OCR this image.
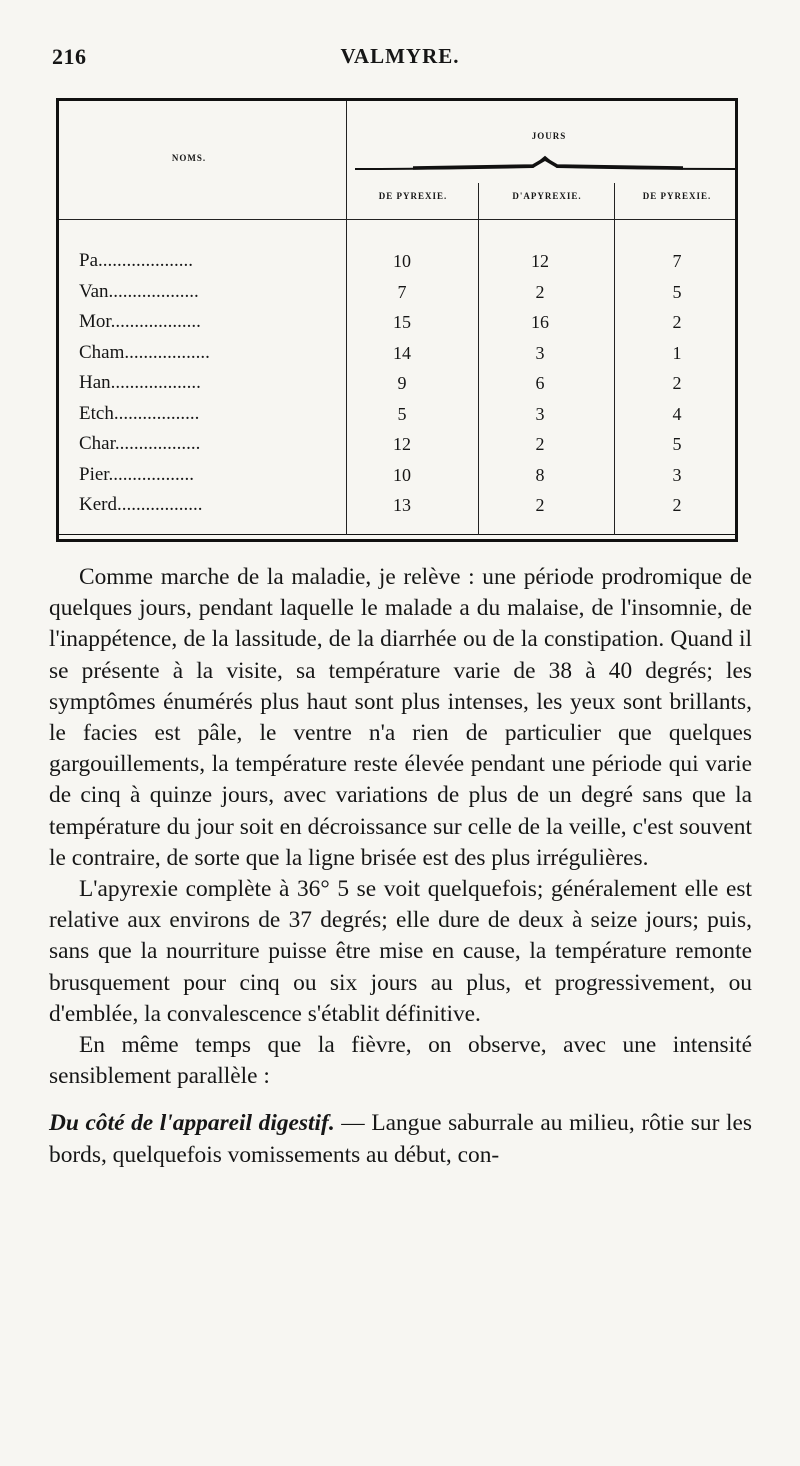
216	VALMYRE.
NOMS.
JOURS
DE PYREXIE.	D'APYREXIE.	DE PYREXIE.
Pa....................	10	12	7
Van...................	7	2	5
Mor...................	15	16	2
Cham..................	14	3	1
Han...................	9	6	2
Etch..................	5	3	4
Char..................	12	2	5
Pier..................	10	8	3
Kerd..................	13	2	2

Comme marche de la maladie, je relève : une période prodromique de quelques jours, pendant laquelle le malade a du malaise, de l'insomnie, de l'inappétence, de la lassitude, de la diarrhée ou de la constipation. Quand il se présente à la visite, sa température varie de 38 à 40 degrés; les symptômes énumérés plus haut sont plus intenses, les yeux sont brillants, le facies est pâle, le ventre n'a rien de particulier que quelques gargouillements, la température reste élevée pendant une période qui varie de cinq à quinze jours, avec variations de plus de un degré sans que la température du jour soit en décroissance sur celle de la veille, c'est souvent le contraire, de sorte que la ligne brisée est des plus irrégulières.

L'apyrexie complète à 36° 5 se voit quelquefois; généralement elle est relative aux environs de 37 degrés; elle dure de deux à seize jours; puis, sans que la nourriture puisse être mise en cause, la température remonte brusquement pour cinq ou six jours au plus, et progressivement, ou d'emblée, la convalescence s'établit définitive.

En même temps que la fièvre, on observe, avec une intensité sensiblement parallèle :

Du côté de l'appareil digestif. — Langue saburrale au milieu, rôtie sur les bords, quelquefois vomissements au début, con-
